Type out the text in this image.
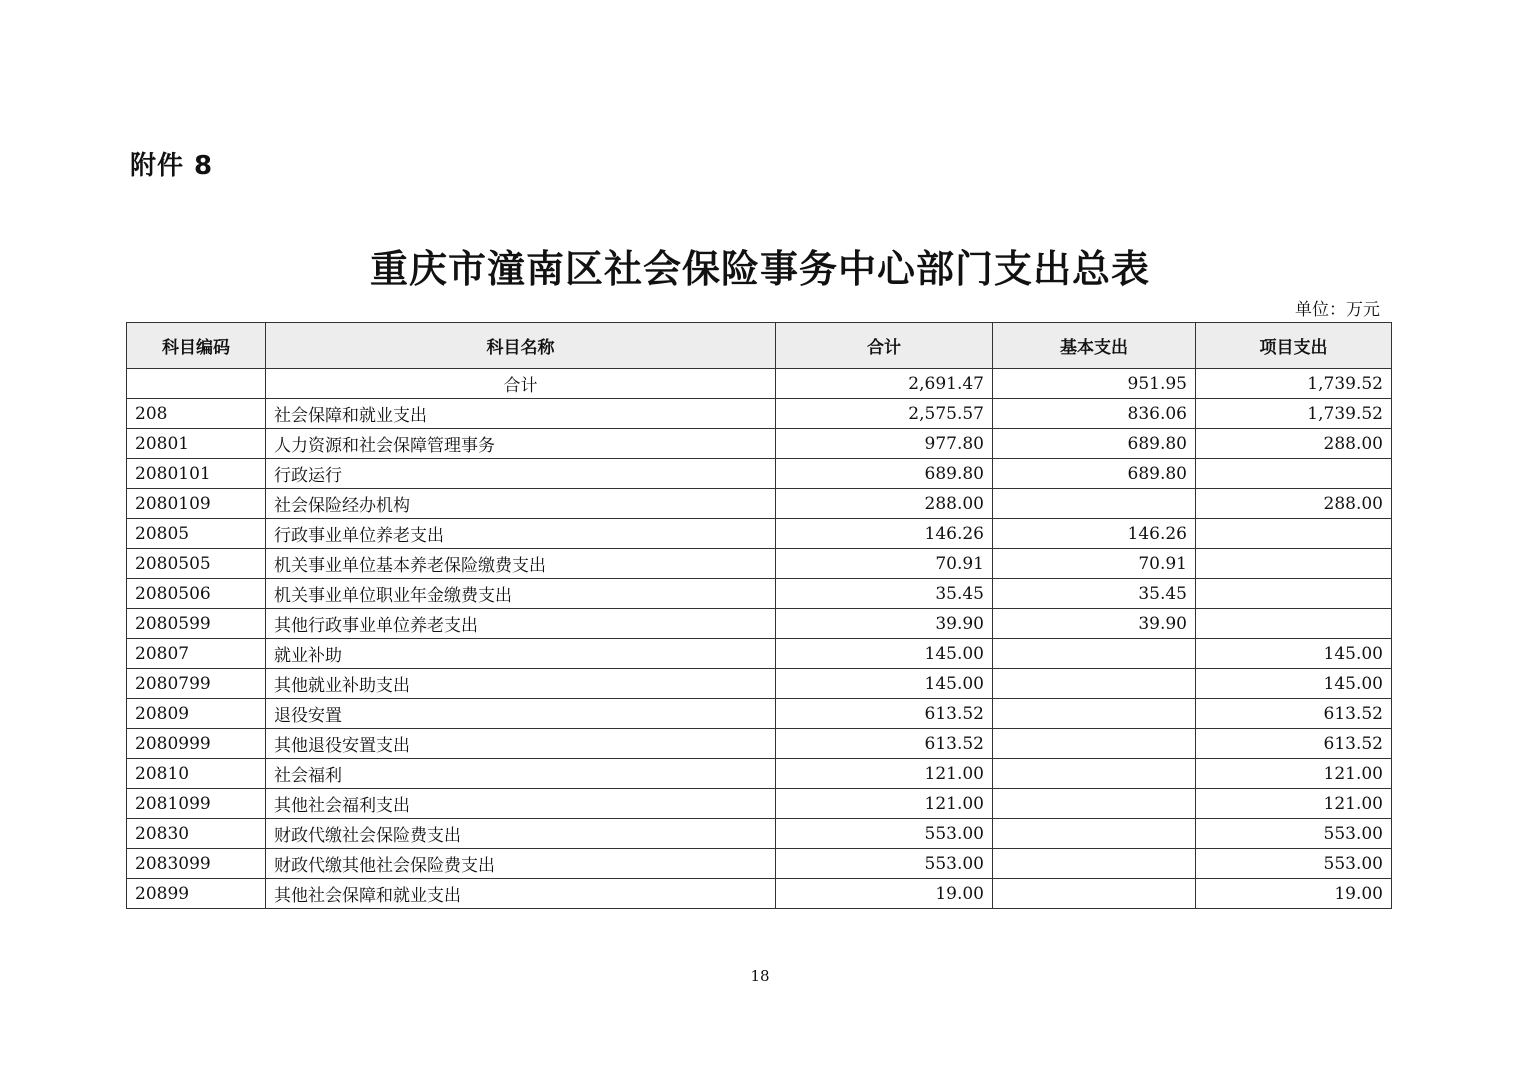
附件 8
重庆市潼南区社会保险事务中心部门支出总表
单位：万元
科目编码	科目名称	合计	基本支出	项目支出
	合计	2,691.47	951.95	1,739.52
208	社会保障和就业支出	2,575.57	836.06	1,739.52
20801	人力资源和社会保障管理事务	977.80	689.80	288.00
2080101	行政运行	689.80	689.80	
2080109	社会保险经办机构	288.00		288.00
20805	行政事业单位养老支出	146.26	146.26	
2080505	机关事业单位基本养老保险缴费支出	70.91	70.91	
2080506	机关事业单位职业年金缴费支出	35.45	35.45	
2080599	其他行政事业单位养老支出	39.90	39.90	
20807	就业补助	145.00		145.00
2080799	其他就业补助支出	145.00		145.00
20809	退役安置	613.52		613.52
2080999	其他退役安置支出	613.52		613.52
20810	社会福利	121.00		121.00
2081099	其他社会福利支出	121.00		121.00
20830	财政代缴社会保险费支出	553.00		553.00
2083099	财政代缴其他社会保险费支出	553.00		553.00
20899	其他社会保障和就业支出	19.00		19.00
18
